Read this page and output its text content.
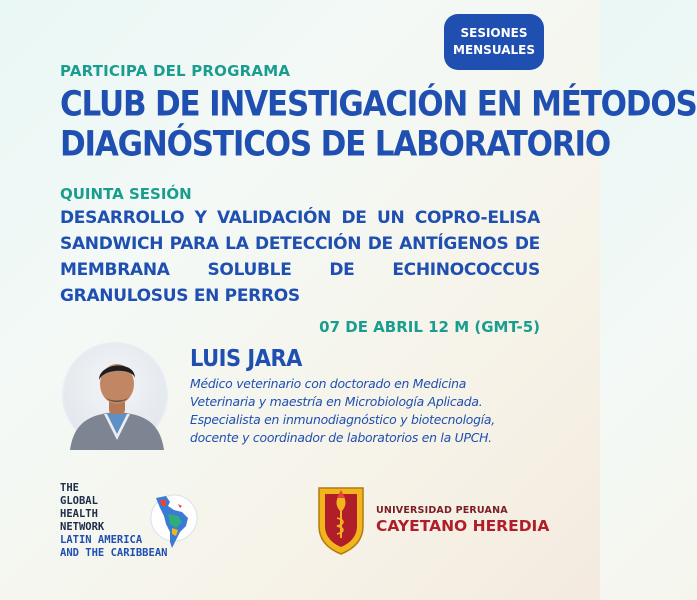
SESIONES
MENSUALES
PARTICIPA DEL PROGRAMA
CLUB DE INVESTIGACIÓN EN MÉTODOS
DIAGNÓSTICOS DE LABORATORIO
QUINTA SESIÓN
DESARROLLO Y VALIDACIÓN DE UN COPRO-ELISA
SANDWICH PARA LA DETECCIÓN DE ANTÍGENOS DE
MEMBRANA SOLUBLE DE ECHINOCOCCUS
GRANULOSUS EN PERROS
07 DE ABRIL 12 M (GMT-5)
LUIS JARA
Médico veterinario con doctorado en Medicina
Veterinaria y maestría en Microbiología Aplicada.
Especialista en inmunodiagnóstico y biotecnología,
docente y coordinador de laboratorios en la UPCH.
THE
GLOBAL
HEALTH
NETWORK
LATIN AMERICA
AND THE CARIBBEAN
UNIVERSIDAD PERUANA
CAYETANO HEREDIA
